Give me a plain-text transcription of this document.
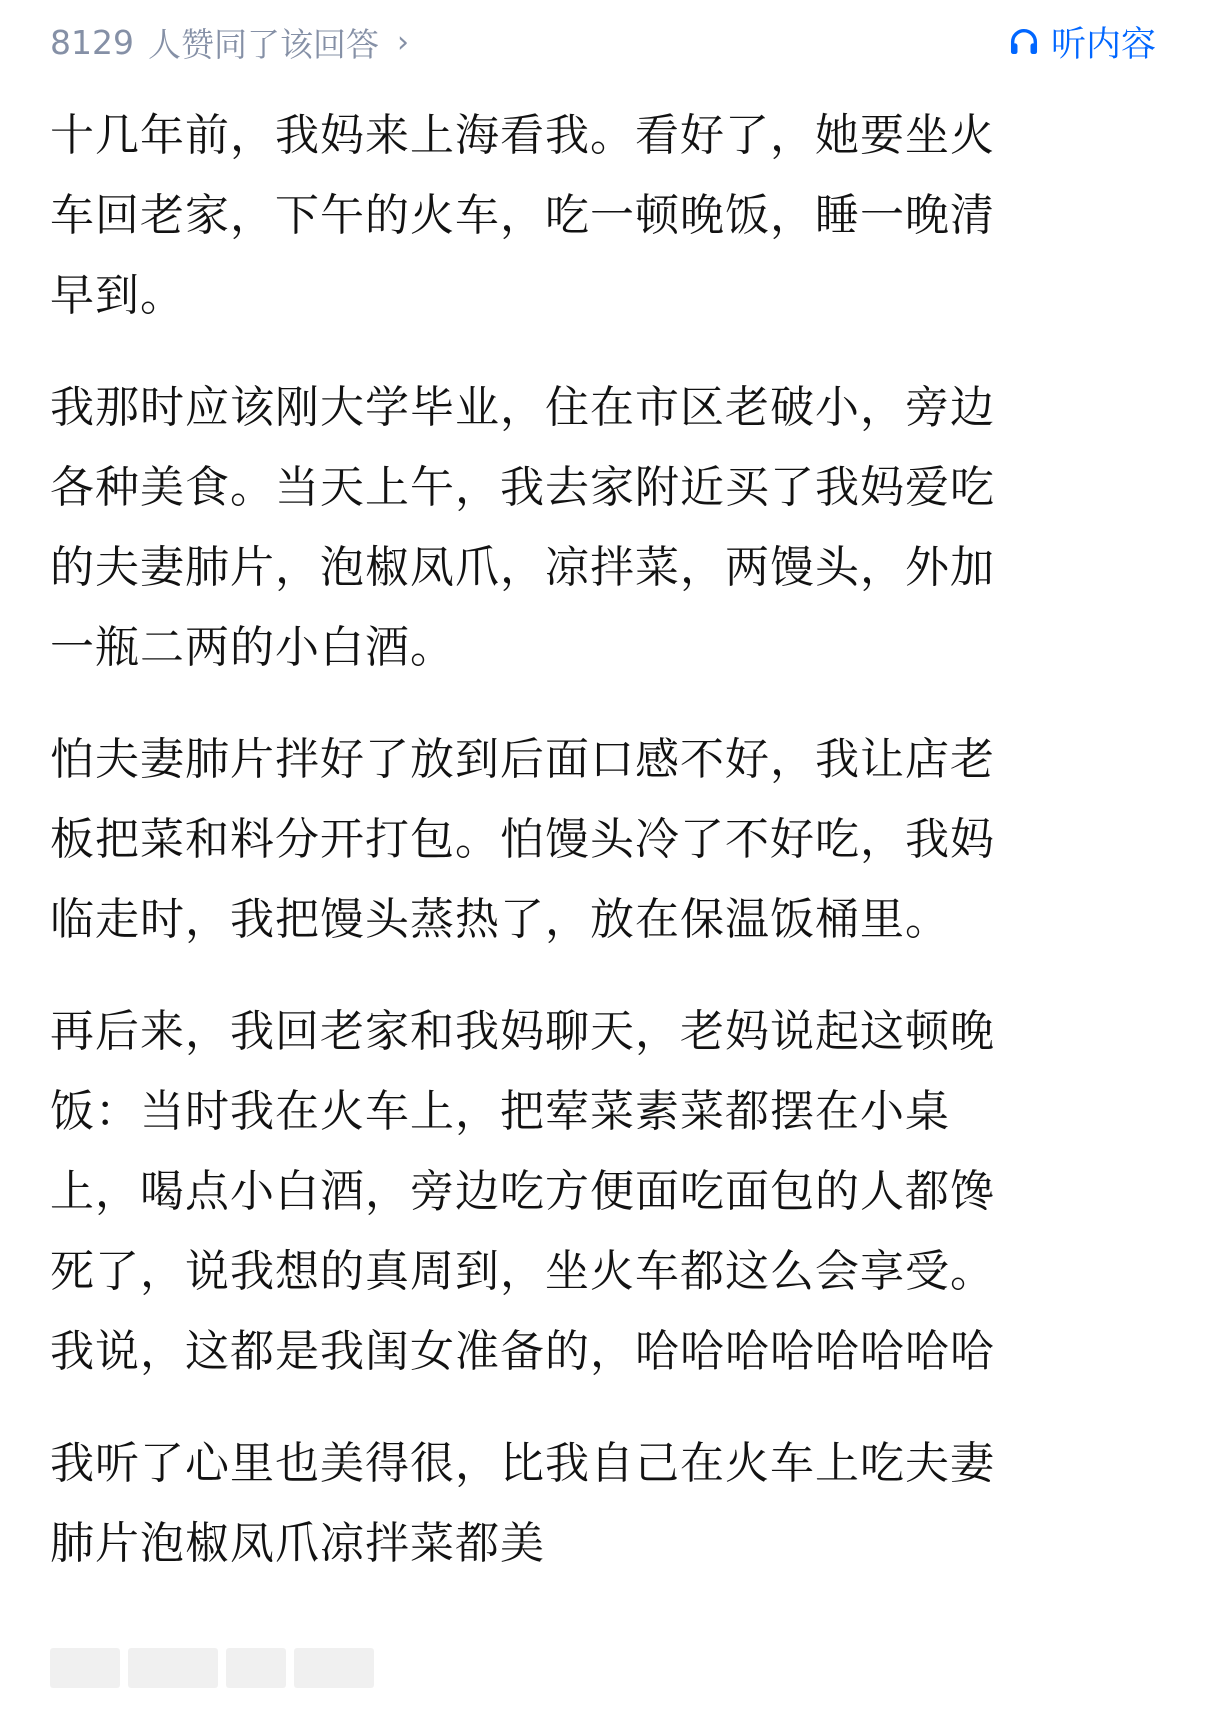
8129 人赞同了该回答 ›	听内容

十几年前，我妈来上海看我。看好了，她要坐火
车回老家，下午的火车，吃一顿晚饭，睡一晚清
早到。

我那时应该刚大学毕业，住在市区老破小，旁边
各种美食。当天上午，我去家附近买了我妈爱吃
的夫妻肺片，泡椒凤爪，凉拌菜，两馒头，外加
一瓶二两的小白酒。

怕夫妻肺片拌好了放到后面口感不好，我让店老
板把菜和料分开打包。怕馒头冷了不好吃，我妈
临走时，我把馒头蒸热了，放在保温饭桶里。

再后来，我回老家和我妈聊天，老妈说起这顿晚
饭：当时我在火车上，把荤菜素菜都摆在小桌
上，喝点小白酒，旁边吃方便面吃面包的人都馋
死了，说我想的真周到，坐火车都这么会享受。
我说，这都是我闺女准备的，哈哈哈哈哈哈哈哈

我听了心里也美得很，比我自己在火车上吃夫妻
肺片泡椒凤爪凉拌菜都美
